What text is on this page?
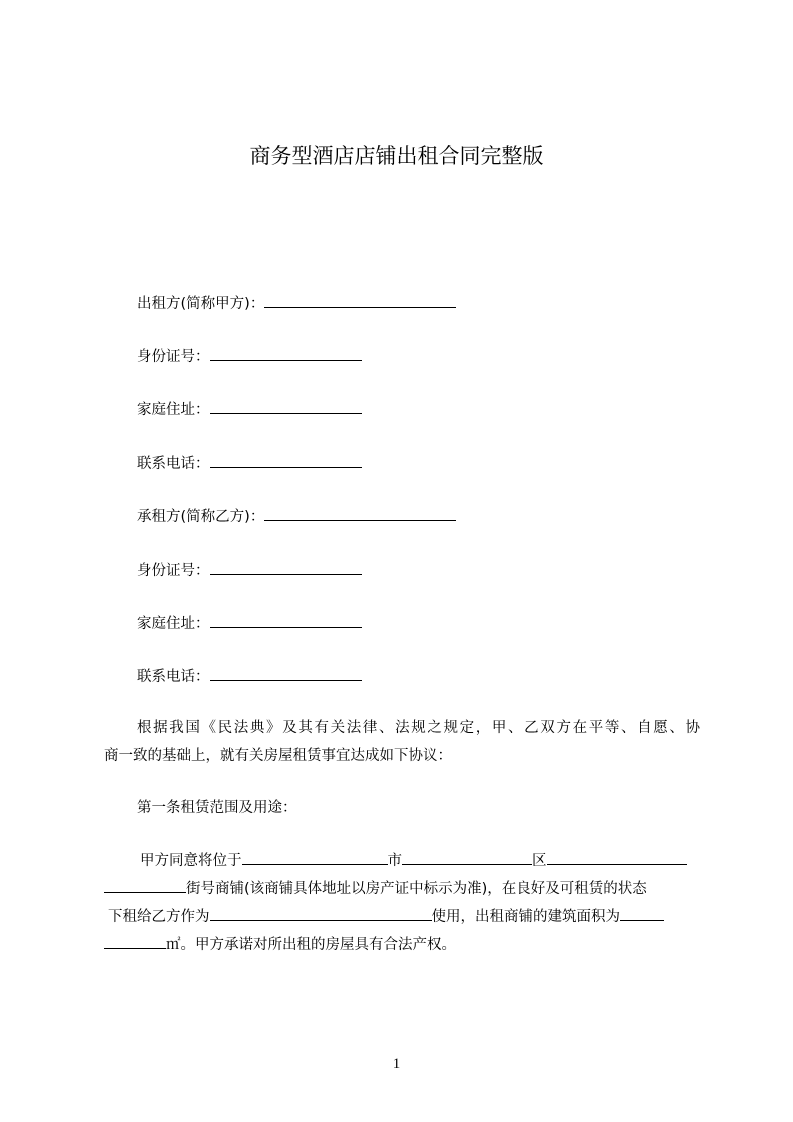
商务型酒店店铺出租合同完整版
出租方(简称甲方)：
身份证号：
家庭住址：
联系电话：
承租方(简称乙方)：
身份证号：
家庭住址：
联系电话：
根据我国《民法典》及其有关法律、法规之规定，甲、乙双方在平等、自愿、协
商一致的基础上，就有关房屋租赁事宜达成如下协议：
第一条租赁范围及用途：
甲方同意将位于	市	区
街号商铺(该商铺具体地址以房产证中标示为准)，在良好及可租赁的状态
下租给乙方作为	使用，出租商铺的建筑面积为
㎡。甲方承诺对所出租的房屋具有合法产权。
1
